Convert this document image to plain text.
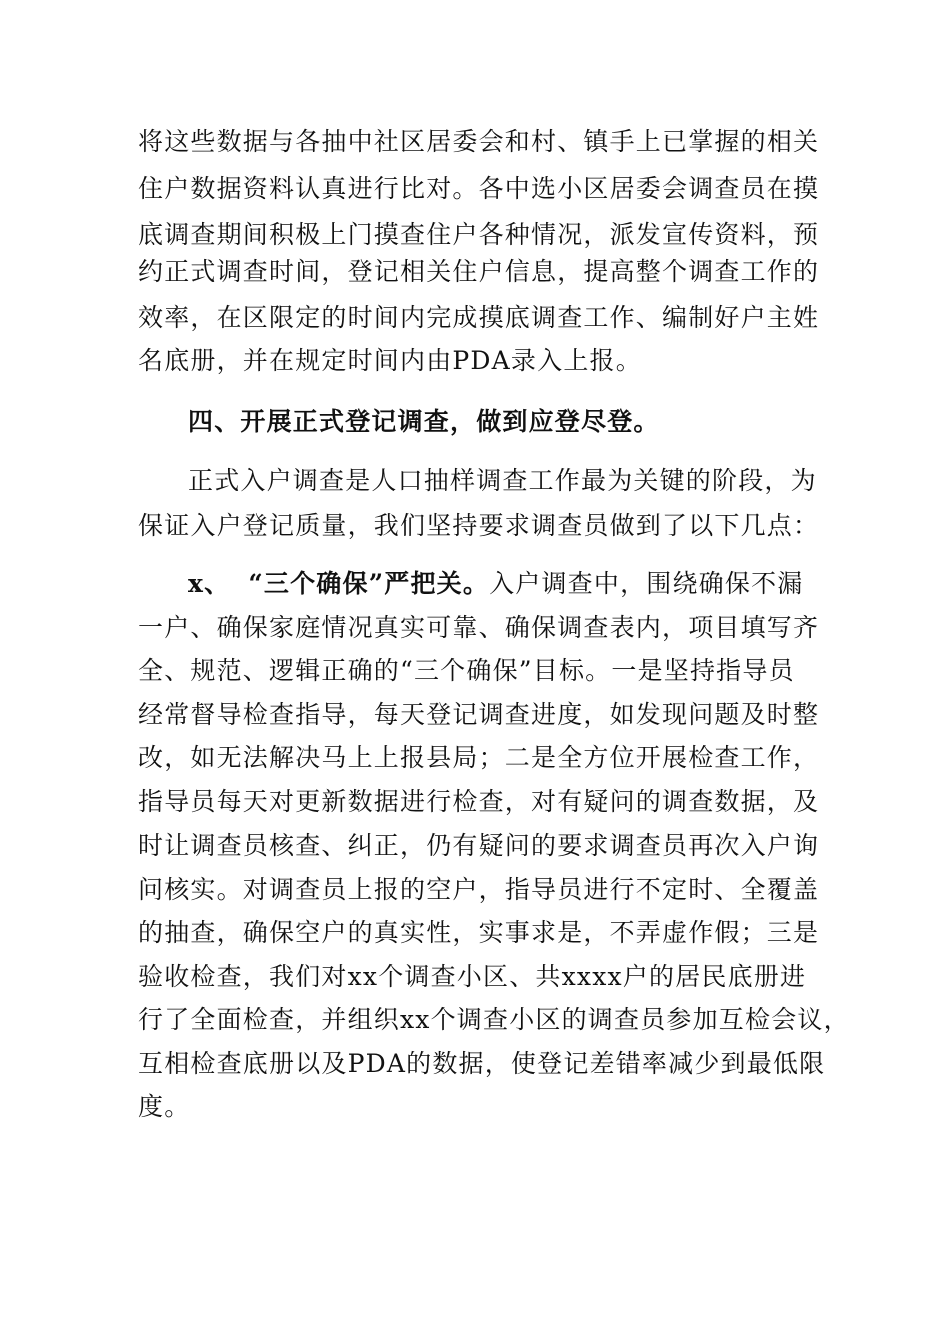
将这些数据与各抽中社区居委会和村、镇手上已掌握的相关
住户数据资料认真进行比对。各中选小区居委会调查员在摸
底调查期间积极上门摸查住户各种情况，派发宣传资料，预
约正式调查时间，登记相关住户信息，提高整个调查工作的
效率，在区限定的时间内完成摸底调查工作、编制好户主姓
名底册，并在规定时间内由PDA录入上报。
四、开展正式登记调查，做到应登尽登。
正式入户调查是人口抽样调查工作最为关键的阶段，为
保证入户登记质量，我们坚持要求调查员做到了以下几点：
x、 “三个确保”严把关。入户调查中，围绕确保不漏
一户、确保家庭情况真实可靠、确保调查表内，项目填写齐
全、规范、逻辑正确的“三个确保”目标。一是坚持指导员
经常督导检查指导，每天登记调查进度，如发现问题及时整
改，如无法解决马上上报县局；二是全方位开展检查工作，
指导员每天对更新数据进行检查，对有疑问的调查数据，及
时让调查员核查、纠正，仍有疑问的要求调查员再次入户询
问核实。对调查员上报的空户，指导员进行不定时、全覆盖
的抽查，确保空户的真实性，实事求是，不弄虚作假；三是
验收检查，我们对xx个调查小区、共xxxx户的居民底册进
行了全面检查，并组织xx个调查小区的调查员参加互检会议，
互相检查底册以及PDA的数据，使登记差错率减少到最低限
度。
